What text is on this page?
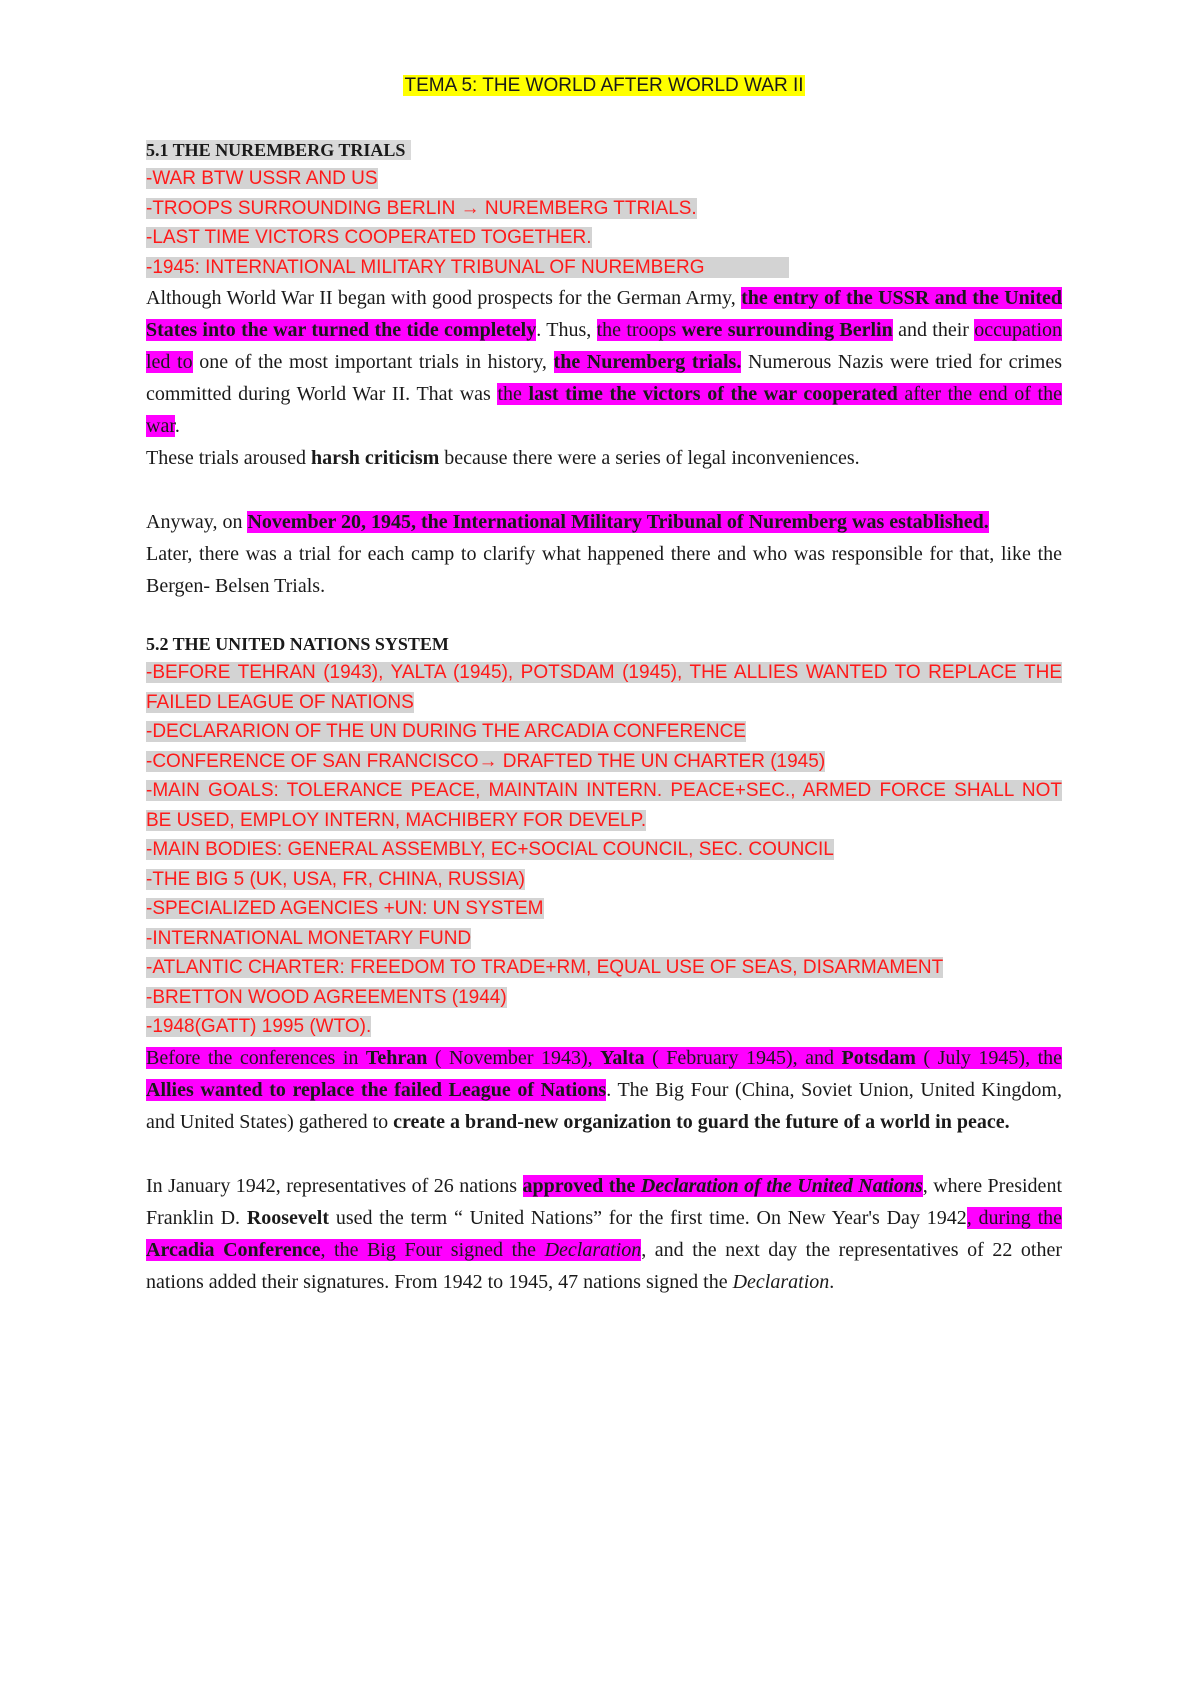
TEMA 5: THE WORLD AFTER WORLD WAR II

5.1 THE NUREMBERG TRIALS

-WAR BTW USSR AND US
-TROOPS SURROUNDING BERLIN → NUREMBERG TTRIALS.
-LAST TIME VICTORS COOPERATED TOGETHER.
-1945: INTERNATIONAL MILITARY TRIBUNAL OF NUREMBERG

Although World War II began with good prospects for the German Army, the entry of the USSR and the United States into the war turned the tide completely. Thus, the troops were surrounding Berlin and their occupation led to one of the most important trials in history, the Nuremberg trials. Numerous Nazis were tried for crimes committed during World War II. That was the last time the victors of the war cooperated after the end of the war.

These trials aroused harsh criticism because there were a series of legal inconveniences.

Anyway, on November 20, 1945, the International Military Tribunal of Nuremberg was established.

Later, there was a trial for each camp to clarify what happened there and who was responsible for that, like the Bergen- Belsen Trials.

5.2 THE UNITED NATIONS SYSTEM

-BEFORE TEHRAN (1943), YALTA (1945), POTSDAM (1945), THE ALLIES WANTED TO REPLACE THE FAILED LEAGUE OF NATIONS
-DECLARARION OF THE UN DURING THE ARCADIA CONFERENCE
-CONFERENCE OF SAN FRANCISCO→ DRAFTED THE UN CHARTER (1945)
-MAIN GOALS: TOLERANCE PEACE, MAINTAIN INTERN. PEACE+SEC., ARMED FORCE SHALL NOT BE USED, EMPLOY INTERN, MACHIBERY FOR DEVELP.
-MAIN BODIES: GENERAL ASSEMBLY, EC+SOCIAL COUNCIL, SEC. COUNCIL
-THE BIG 5 (UK, USA, FR, CHINA, RUSSIA)
-SPECIALIZED AGENCIES +UN: UN SYSTEM
-INTERNATIONAL MONETARY FUND
-ATLANTIC CHARTER: FREEDOM TO TRADE+RM, EQUAL USE OF SEAS, DISARMAMENT
-BRETTON WOOD AGREEMENTS (1944)
-1948(GATT) 1995 (WTO).

Before the conferences in Tehran ( November 1943), Yalta ( February 1945), and Potsdam ( July 1945), the Allies wanted to replace the failed League of Nations. The Big Four (China, Soviet Union, United Kingdom, and United States) gathered to create a brand-new organization to guard the future of a world in peace.

In January 1942, representatives of 26 nations approved the Declaration of the United Nations, where President Franklin D. Roosevelt used the term “ United Nations” for the first time. On New Year's Day 1942, during the Arcadia Conference, the Big Four signed the Declaration, and the next day the representatives of 22 other nations added their signatures. From 1942 to 1945, 47 nations signed the Declaration.
